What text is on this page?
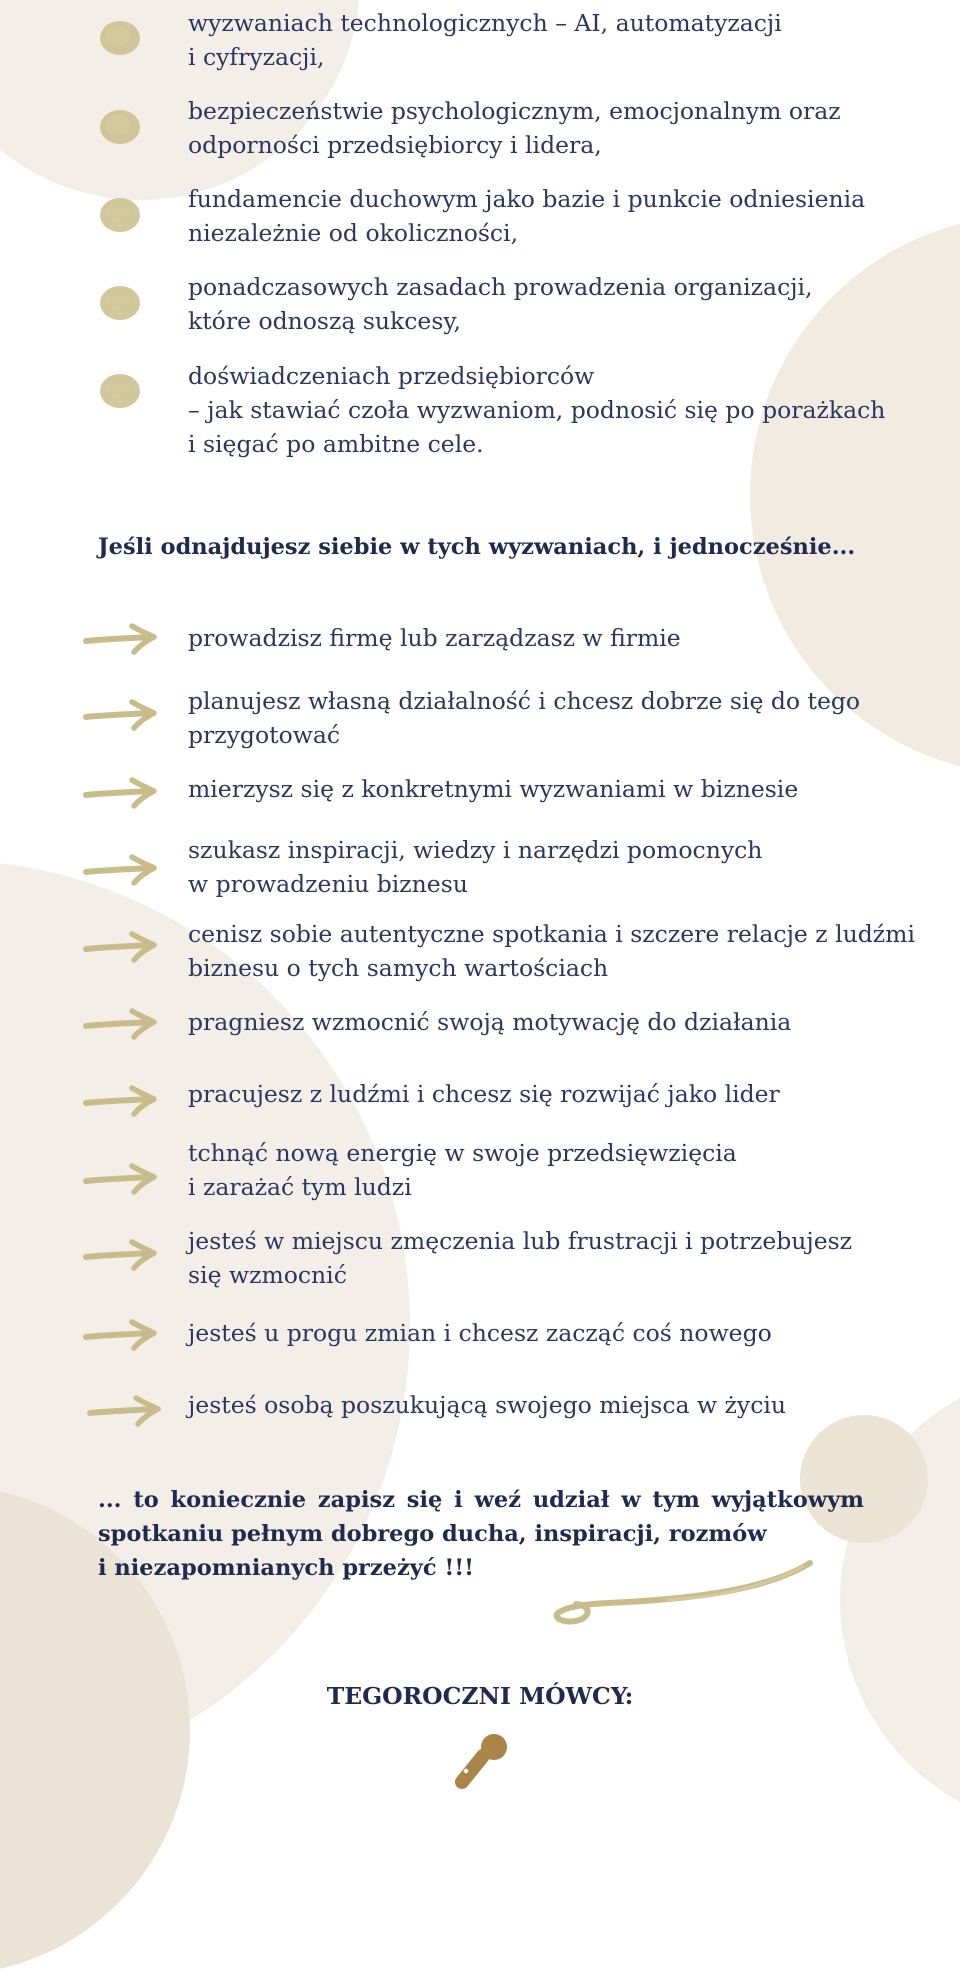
wyzwaniach technologicznych – AI, automatyzacji
i cyfryzacji,

bezpieczeństwie psychologicznym, emocjonalnym oraz
odporności przedsiębiorcy i lidera,

fundamencie duchowym jako bazie i punkcie odniesienia
niezależnie od okoliczności,

ponadczasowych zasadach prowadzenia organizacji,
które odnoszą sukcesy,

doświadczeniach przedsiębiorców
– jak stawiać czoła wyzwaniom, podnosić się po porażkach
i sięgać po ambitne cele.

Jeśli odnajdujesz siebie w tych wyzwaniach, i jednocześnie...

prowadzisz firmę lub zarządzasz w firmie

planujesz własną działalność i chcesz dobrze się do tego
przygotować

mierzysz się z konkretnymi wyzwaniami w biznesie

szukasz inspiracji, wiedzy i narzędzi pomocnych
w prowadzeniu biznesu

cenisz sobie autentyczne spotkania i szczere relacje z ludźmi
biznesu o tych samych wartościach

pragniesz wzmocnić swoją motywację do działania

pracujesz z ludźmi i chcesz się rozwijać jako lider

tchnąć nową energię w swoje przedsięwzięcia
i zarażać tym ludzi

jesteś w miejscu zmęczenia lub frustracji i potrzebujesz
się wzmocnić

jesteś u progu zmian i chcesz zacząć coś nowego

jesteś osobą poszukującą swojego miejsca w życiu

... to koniecznie zapisz się i weź udział w tym wyjątkowym
spotkaniu pełnym dobrego ducha, inspiracji, rozmów
i niezapomnianych przeżyć !!!

TEGOROCZNI MÓWCY:
